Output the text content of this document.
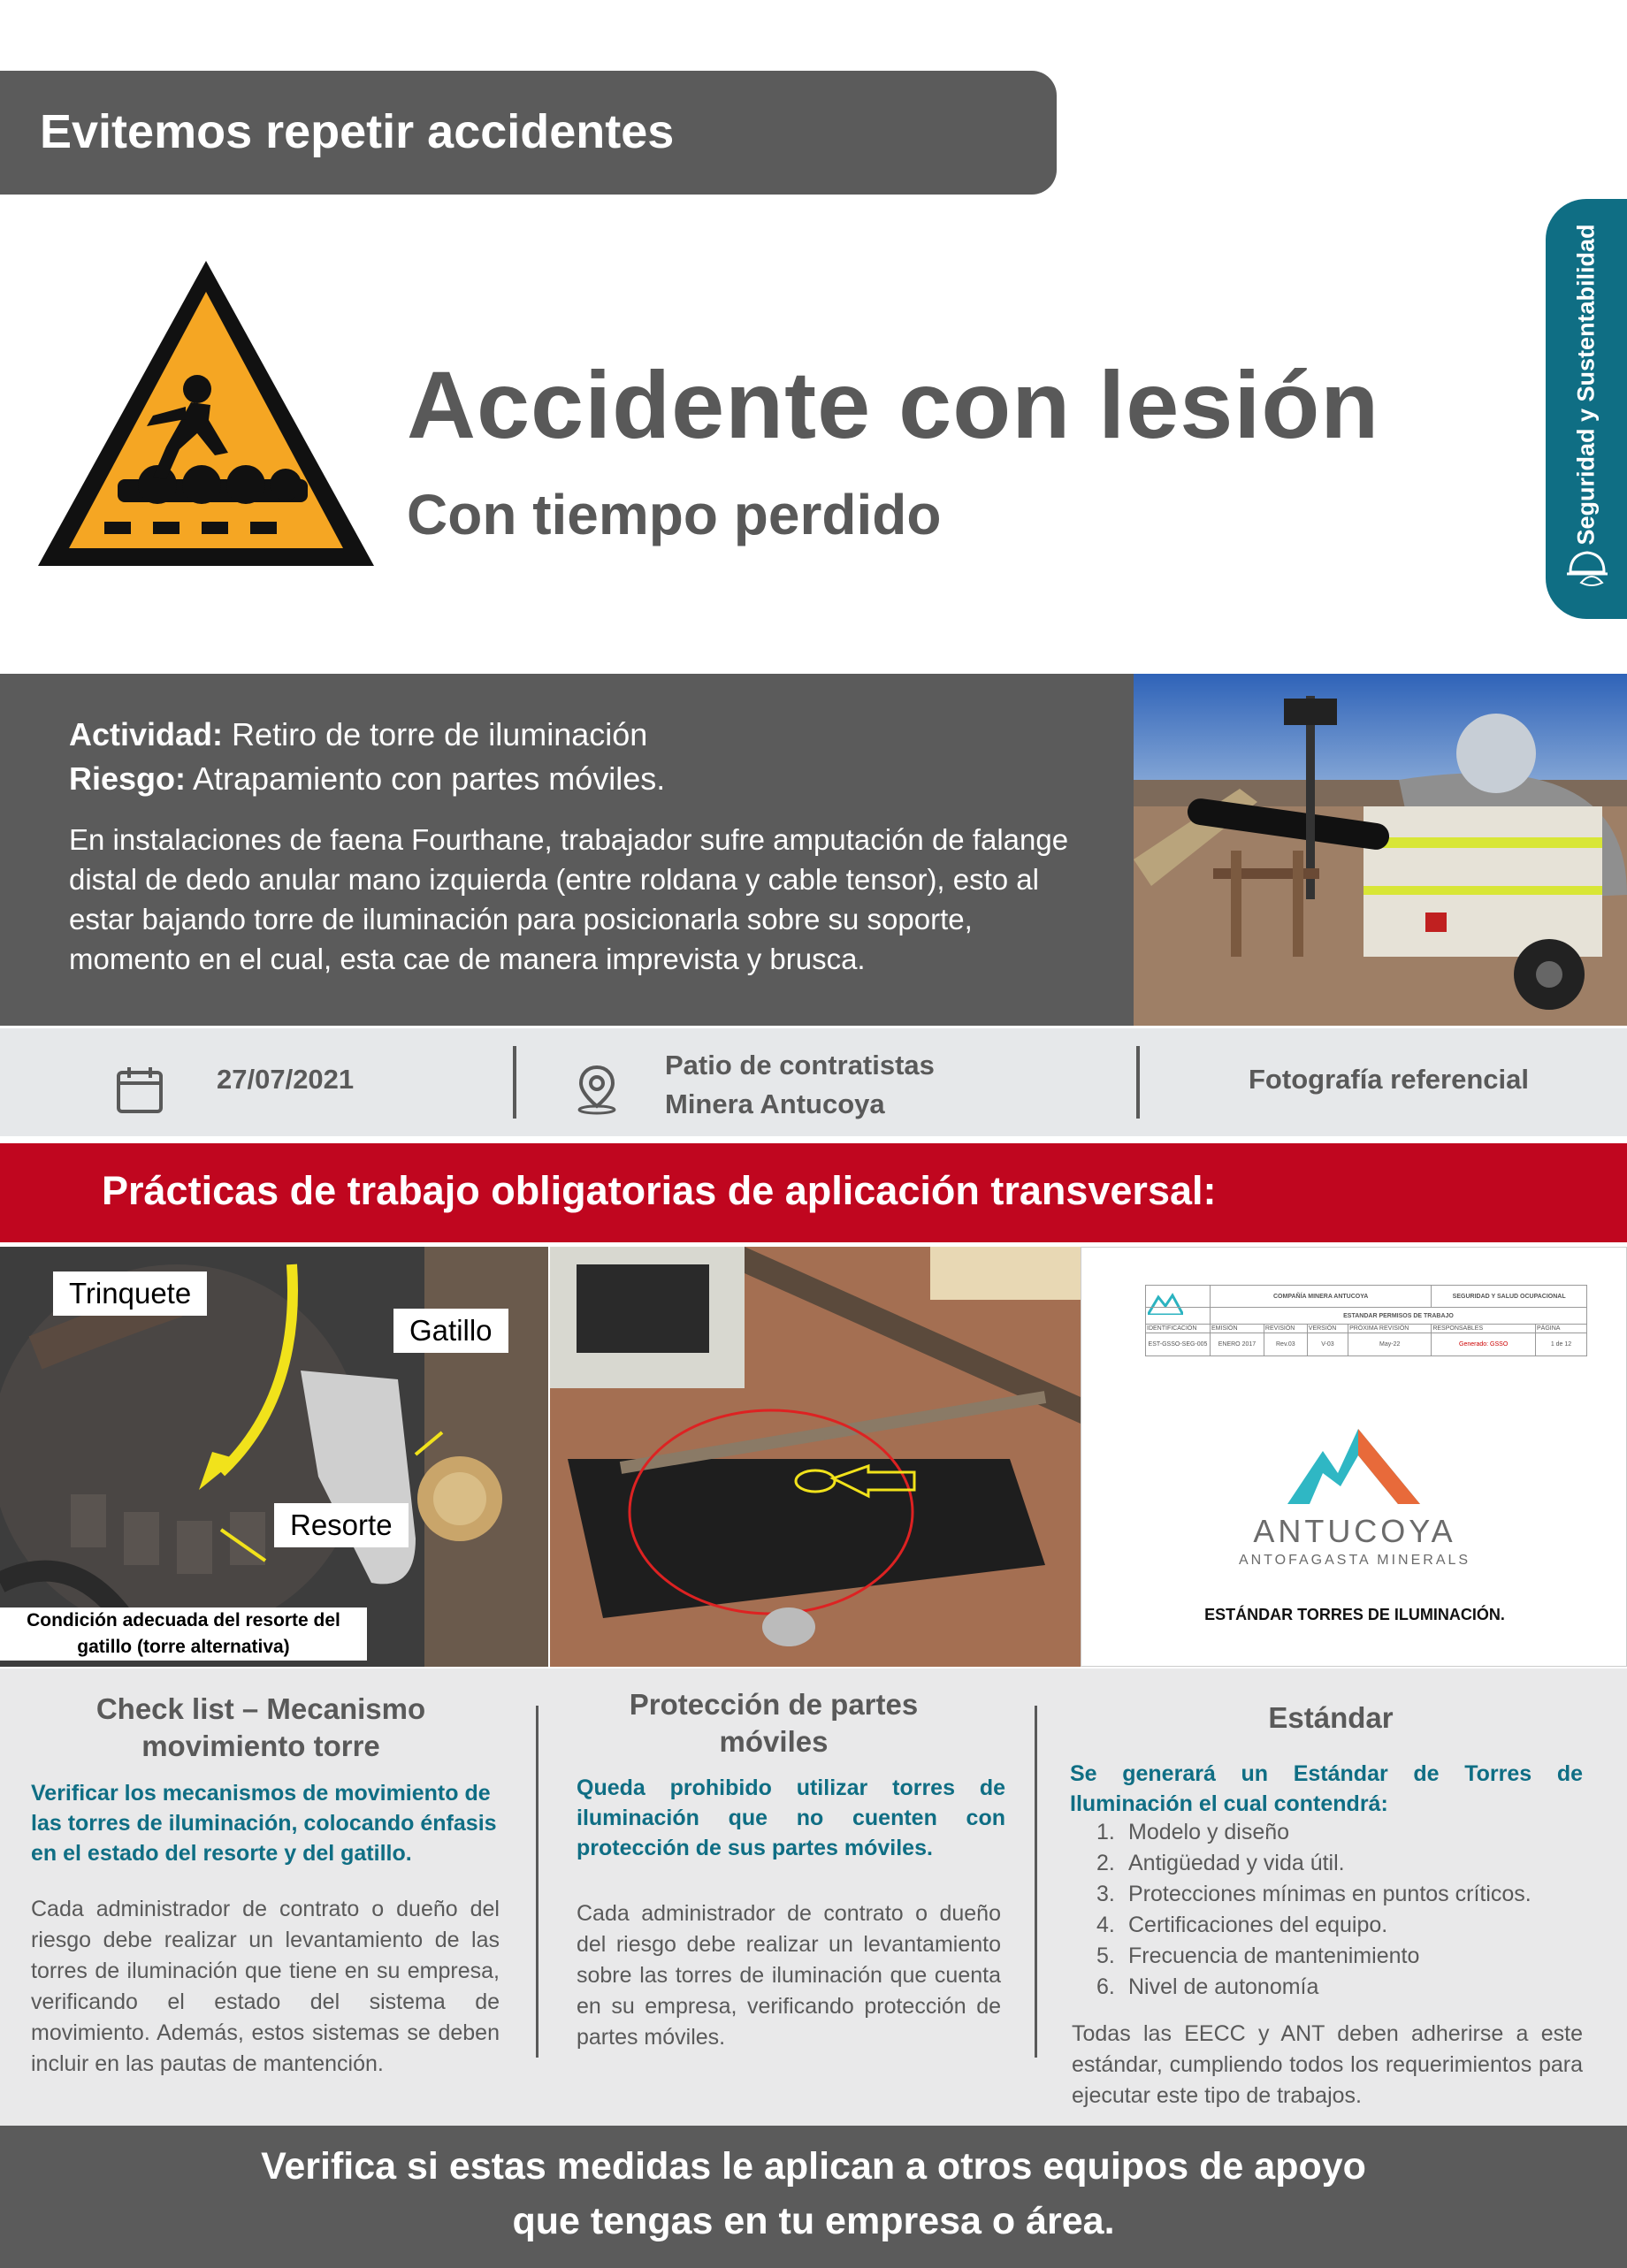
Evitemos repetir accidentes
Seguridad y Sustentabilidad
Accidente con lesión
Con tiempo perdido
Actividad: Retiro de torre de iluminación
Riesgo: Atrapamiento con partes móviles.
En instalaciones de faena Fourthane, trabajador sufre amputación de falange distal de dedo anular mano izquierda (entre roldana y cable tensor), esto al estar bajando torre de iluminación para posicionarla sobre su soporte, momento en el cual, esta cae de manera imprevista y brusca.
27/07/2021	Patio de contratistas
Minera Antucoya
Fotografía referencial
Prácticas de trabajo obligatorias de aplicación transversal:
Trinquete
Gatillo
Resorte
Condición adecuada del resorte del
gatillo (torre alternativa)
	COMPAÑÍA MINERA ANTUCOYA				SEGURIDAD Y SALUD OCUPACIONAL	
	ESTANDAR PERMISOS DE TRABAJO					
IDENTIFICACIÓN	EMISIÓN	REVISIÓN	VERSIÓN	PRÓXIMA REVISIÓN	RESPONSABLES	PÁGINA
EST-GSSO-SEG-005	ENERO 2017	Rev.03	V-03	May-22	Generado: GSSO	1 de 12
ANTUCOYA
ANTOFAGASTA MINERALS
ESTÁNDAR TORRES DE ILUMINACIÓN.
Check list – Mecanismo
movimiento torre
Verificar los mecanismos de movimiento de las torres de iluminación, colocando énfasis en el estado del resorte y del gatillo.
Cada administrador de contrato o dueño del riesgo debe realizar un levantamiento de las torres de iluminación que tiene en su empresa, verificando el estado del sistema de movimiento. Además, estos sistemas se deben incluir en las pautas de mantención.
Protección de partes
móviles
Queda prohibido utilizar torres de iluminación que no cuenten con protección de sus partes móviles.
Cada administrador de contrato o dueño del riesgo debe realizar un levantamiento sobre las torres de iluminación que cuenta en su empresa, verificando protección de partes móviles.
Estándar
Se generará un Estándar de Torres de Iluminación el cual contendrá:
Todas las EECC y ANT deben adherirse a este estándar, cumpliendo todos los requerimientos para ejecutar este tipo de trabajos.
1. Modelo y diseño
2. Antigüedad y vida útil.
3. Protecciones mínimas en puntos críticos.
4. Certificaciones del equipo.
5. Frecuencia de mantenimiento
6. Nivel de autonomía
Verifica si estas medidas le aplican a otros equipos de apoyo
que tengas en tu empresa o área.
